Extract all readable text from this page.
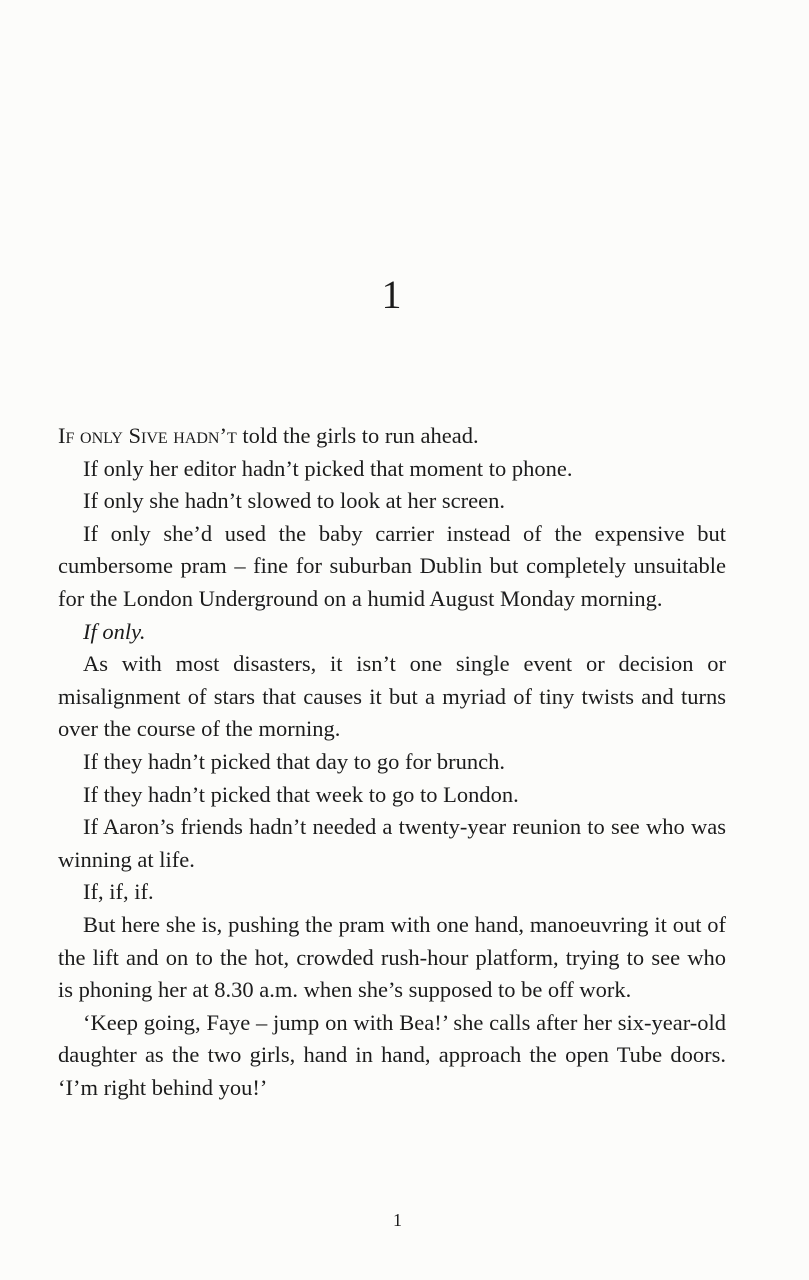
1

If only Sive hadn’t told the girls to run ahead.

If only her editor hadn’t picked that moment to phone.

If only she hadn’t slowed to look at her screen.

If only she’d used the baby carrier instead of the expensive but cumbersome pram – fine for suburban Dublin but completely unsuitable for the London Underground on a humid August Monday morning.

If only.

As with most disasters, it isn’t one single event or decision or misalignment of stars that causes it but a myriad of tiny twists and turns over the course of the morning.

If they hadn’t picked that day to go for brunch.

If they hadn’t picked that week to go to London.

If Aaron’s friends hadn’t needed a twenty-year reunion to see who was winning at life.

If, if, if.

But here she is, pushing the pram with one hand, manoeuvring it out of the lift and on to the hot, crowded rush-hour platform, trying to see who is phoning her at 8.30 a.m. when she’s supposed to be off work.

‘Keep going, Faye – jump on with Bea!’ she calls after her six-year-old daughter as the two girls, hand in hand, approach the open Tube doors. ‘I’m right behind you!’

1
